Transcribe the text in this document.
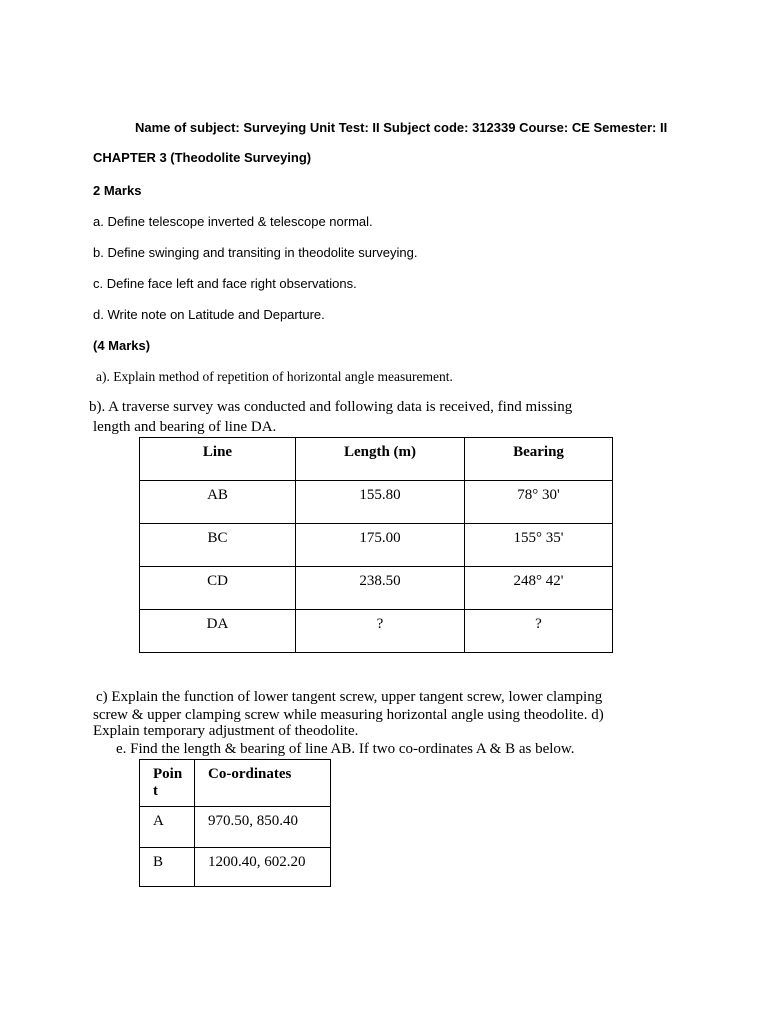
Name of subject: Surveying Unit Test: II Subject code: 312339 Course: CE Semester: II
CHAPTER 3 (Theodolite Surveying)
2 Marks
a. Define telescope inverted & telescope normal.
b. Define swinging and transiting in theodolite surveying.
c. Define face left and face right observations.
d. Write note on Latitude and Departure.
(4 Marks)
a). Explain method of repetition of horizontal angle measurement.
b). A traverse survey was conducted and following data is received, find missing
length and bearing of line DA.
Line	Length (m)	Bearing
AB	155.80	78° 30'
BC	175.00	155° 35'
CD	238.50	248° 42'
DA	?	?
c) Explain the function of lower tangent screw, upper tangent screw, lower clamping
screw & upper clamping screw while measuring horizontal angle using theodolite. d)
Explain temporary adjustment of theodolite.
e. Find the length & bearing of line AB. If two co-ordinates A & B as below.
Poin
t	Co-ordinates
A	970.50, 850.40
B	1200.40, 602.20
